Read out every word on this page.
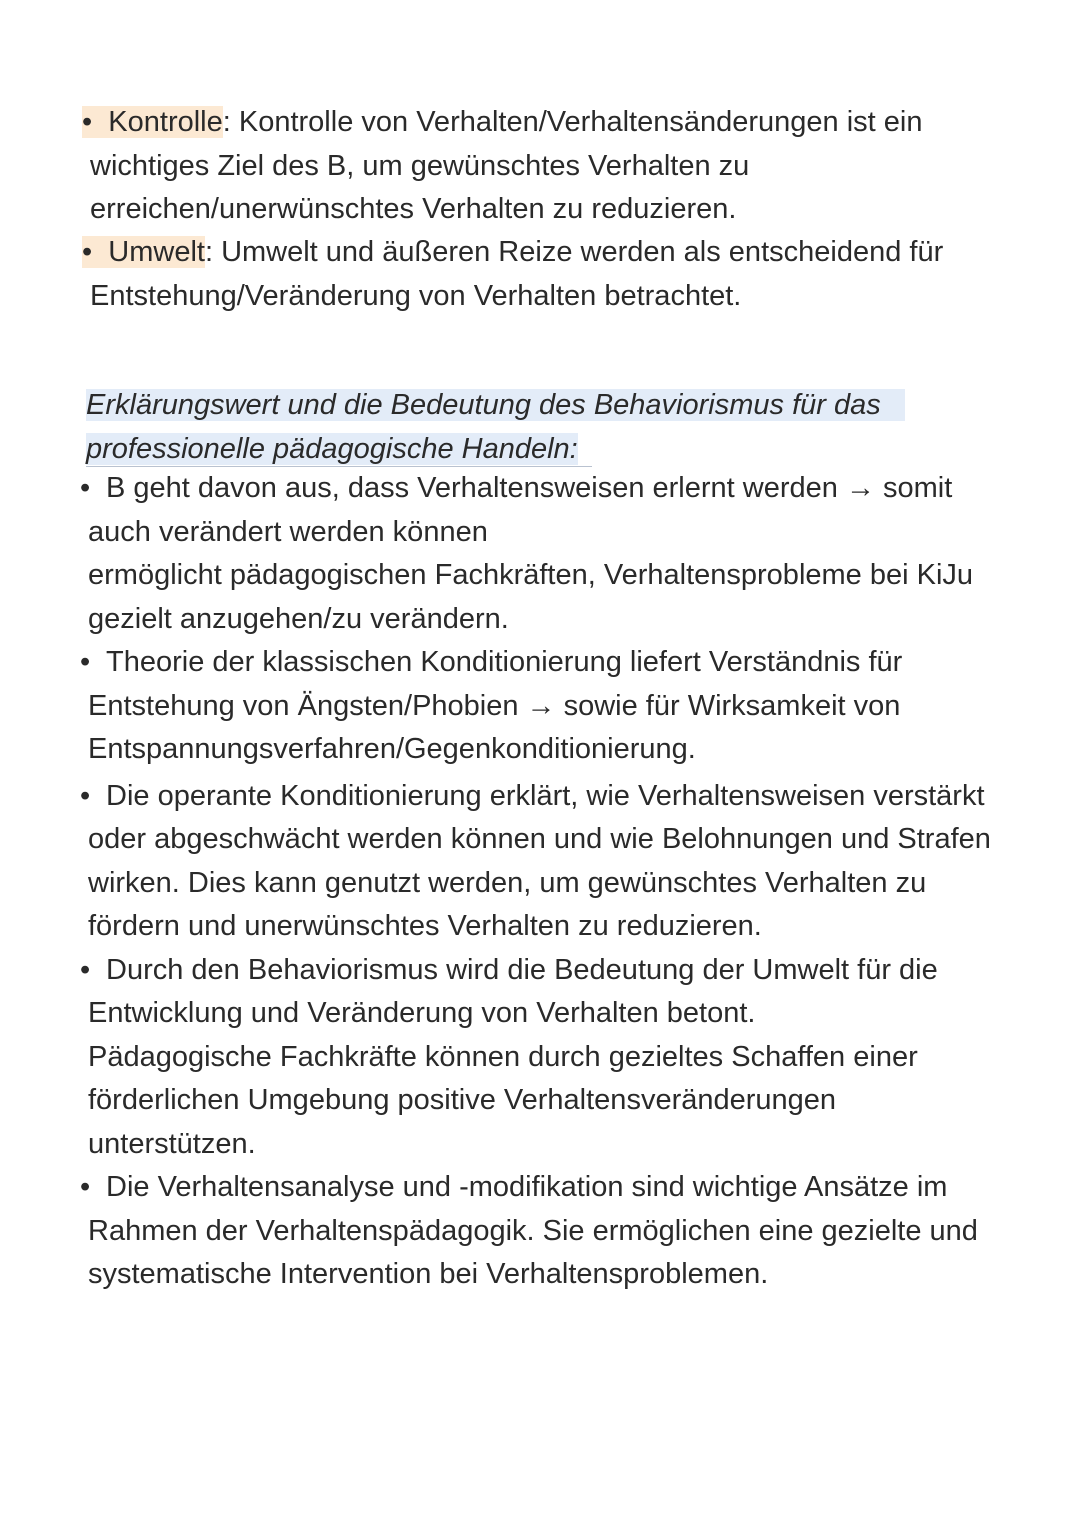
• Kontrolle: Kontrolle von Verhalten/Verhaltensänderungen ist ein
wichtiges Ziel des B, um gewünschtes Verhalten zu
erreichen/unerwünschtes Verhalten zu reduzieren.
• Umwelt: Umwelt und äußeren Reize werden als entscheidend für
Entstehung/Veränderung von Verhalten betrachtet.
Erklärungswert und die Bedeutung des Behaviorismus für das
professionelle pädagogische Handeln:
• B geht davon aus, dass Verhaltensweisen erlernt werden → somit
auch verändert werden können
ermöglicht pädagogischen Fachkräften, Verhaltensprobleme bei KiJu
gezielt anzugehen/zu verändern.
• Theorie der klassischen Konditionierung liefert Verständnis für
Entstehung von Ängsten/Phobien → sowie für Wirksamkeit von
Entspannungsverfahren/Gegenkonditionierung.
• Die operante Konditionierung erklärt, wie Verhaltensweisen verstärkt
oder abgeschwächt werden können und wie Belohnungen und Strafen
wirken. Dies kann genutzt werden, um gewünschtes Verhalten zu
fördern und unerwünschtes Verhalten zu reduzieren.
• Durch den Behaviorismus wird die Bedeutung der Umwelt für die
Entwicklung und Veränderung von Verhalten betont.
Pädagogische Fachkräfte können durch gezieltes Schaffen einer
förderlichen Umgebung positive Verhaltensveränderungen
unterstützen.
• Die Verhaltensanalyse und -modifikation sind wichtige Ansätze im
Rahmen der Verhaltenspädagogik. Sie ermöglichen eine gezielte und
systematische Intervention bei Verhaltensproblemen.
